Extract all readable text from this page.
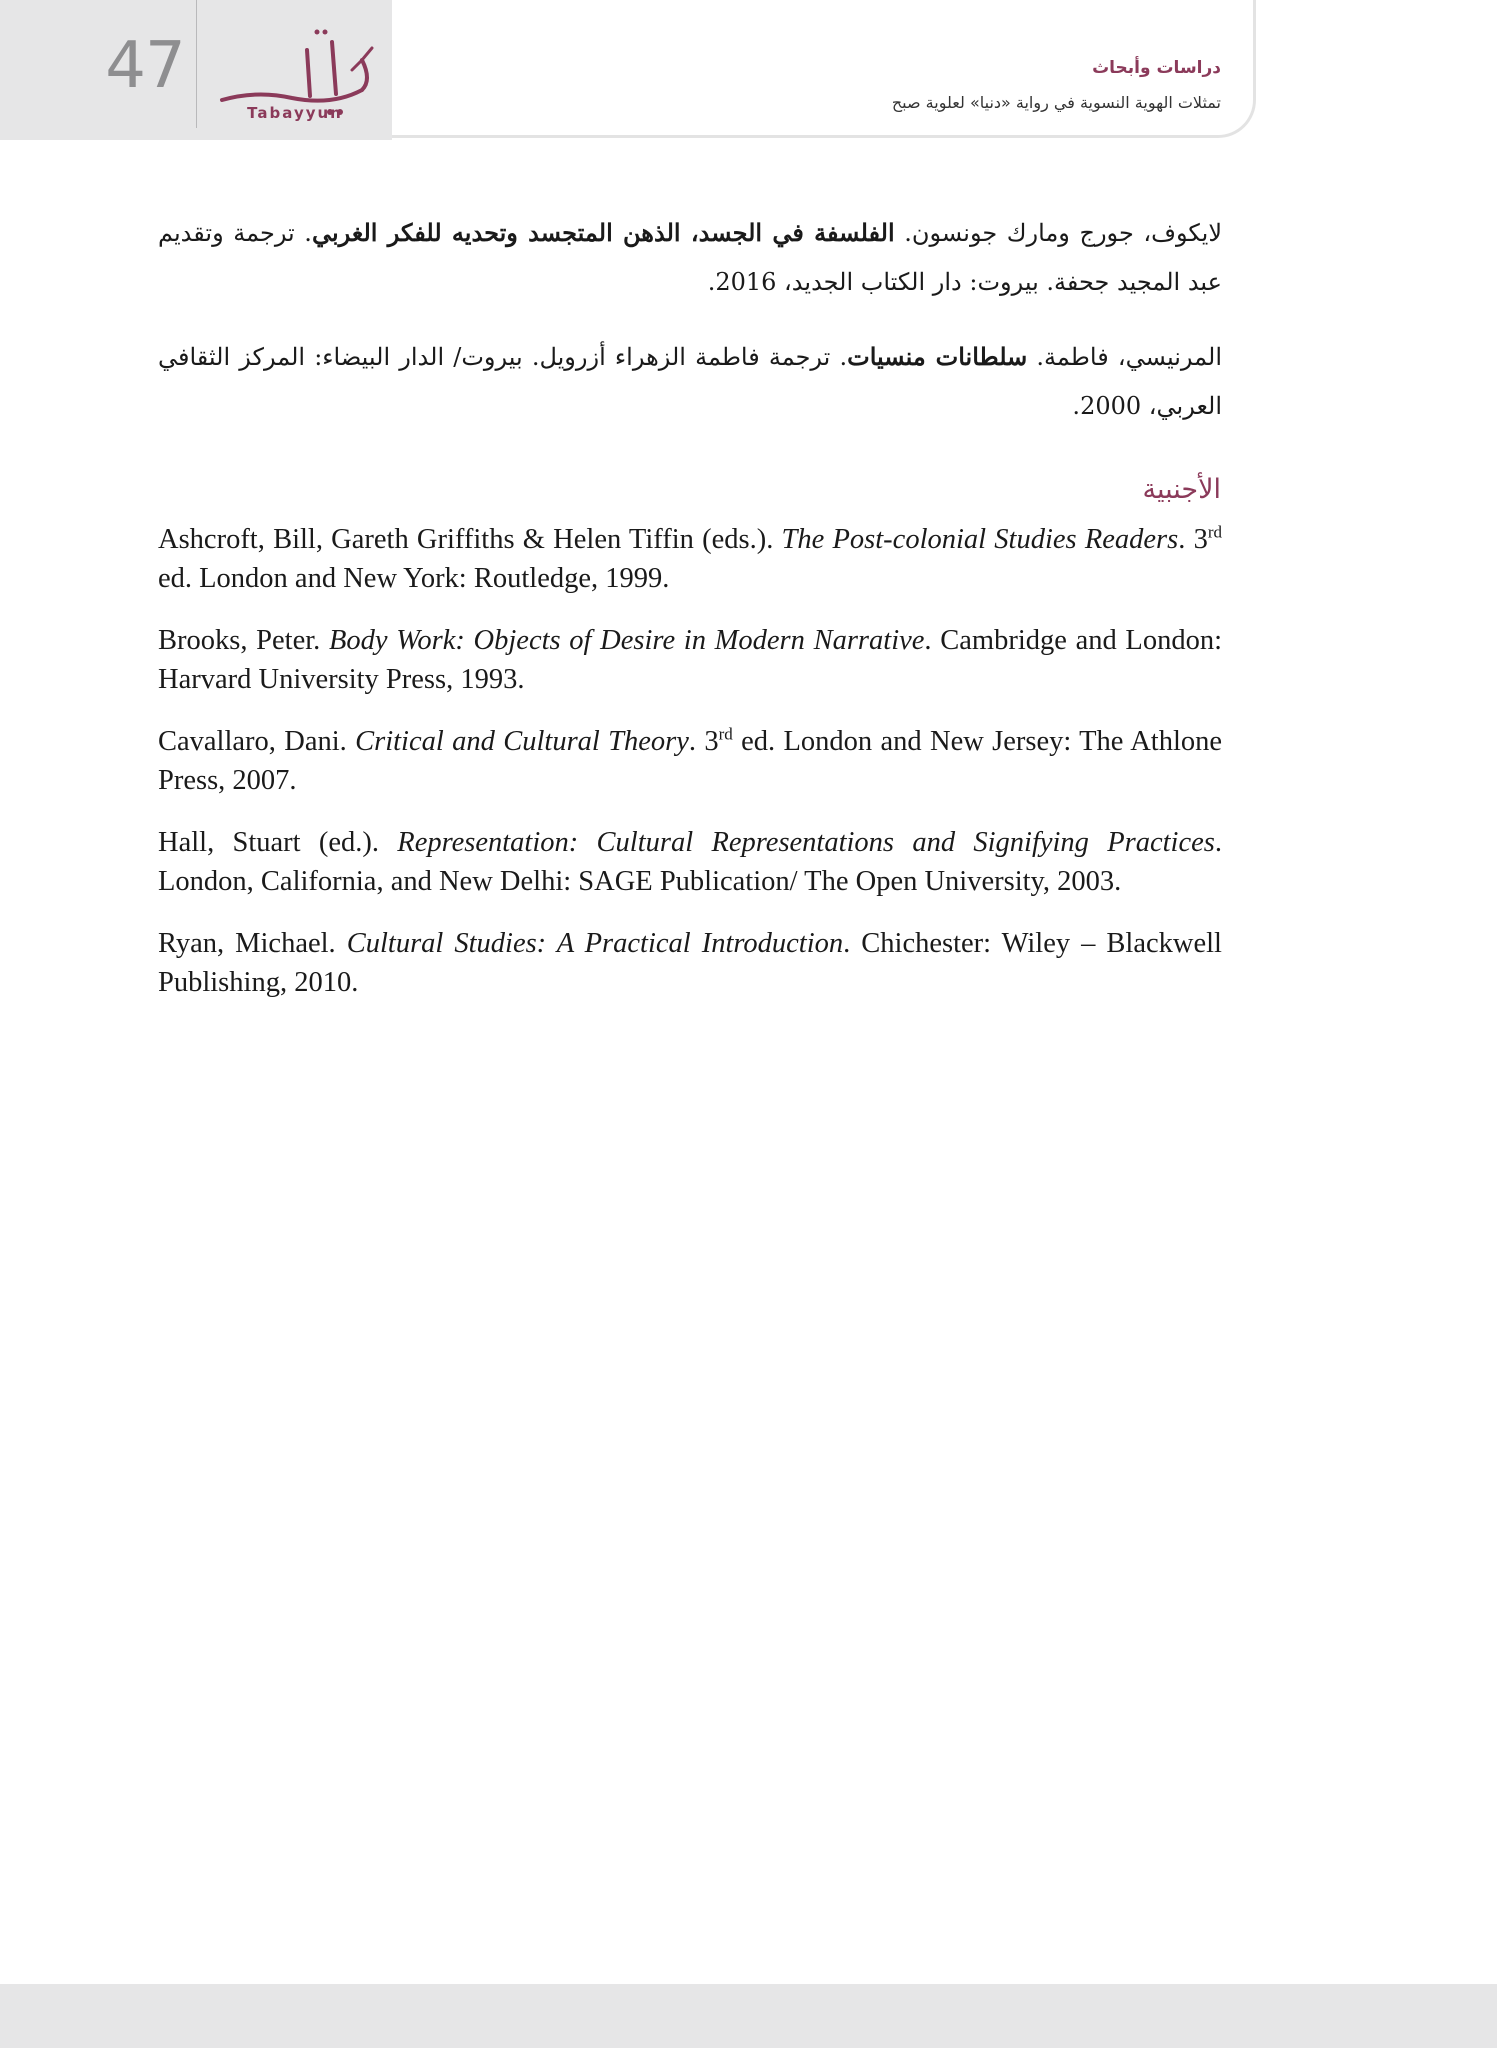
47
Tabayyun
دراسات وأبحاث
تمثلات الهوية النسوية في رواية «دنيا» لعلوية صبح
لايكوف، جورج ومارك جونسون. الفلسفة في الجسد، الذهن المتجسد وتحديه للفكر الغربي. ترجمة وتقديم عبد المجيد جحفة. بيروت: دار الكتاب الجديد، 2016.
المرنيسي، فاطمة. سلطانات منسيات. ترجمة فاطمة الزهراء أزرويل. بيروت/ الدار البيضاء: المركز الثقافي العربي، 2000.
الأجنبية
Ashcroft, Bill, Gareth Griffiths & Helen Tiffin (eds.). The Post-colonial Studies Readers. 3rd ed. London and New York: Routledge, 1999.
Brooks, Peter. Body Work: Objects of Desire in Modern Narrative. Cambridge and London: Harvard University Press, 1993.
Cavallaro, Dani. Critical and Cultural Theory. 3rd ed. London and New Jersey: The Athlone Press, 2007.
Hall, Stuart (ed.). Representation: Cultural Representations and Signifying Practices. London, California, and New Delhi: SAGE Publication/ The Open University, 2003.
Ryan, Michael. Cultural Studies: A Practical Introduction. Chichester: Wiley – Blackwell Publishing, 2010.
